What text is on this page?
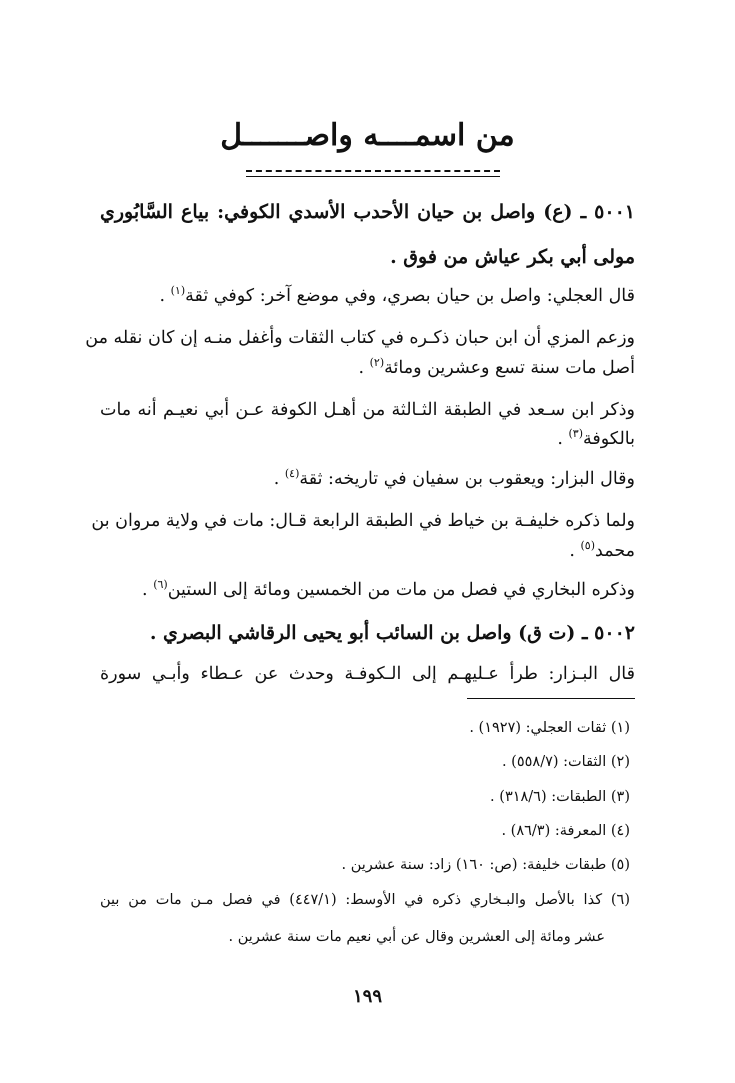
من اسمــــه واصـــــــل
٥٠٠١ ـ (ع) واصل بن حيان الأحدب الأسدي الكوفي: بياع السَّابُوري
مولى أبي بكر عياش من فوق .
قال العجلي: واصل بن حيان بصري، وفي موضع آخر: كوفي ثقة$^{(١)}$ .
وزعم المزي أن ابن حبان ذكـره في كتاب الثقات وأغفل منـه إن كان نقله من
أصل مات سنة تسع وعشرين ومائة$^{(٢)}$ .
وذكر ابن سـعد في الطبقة الثـالثة من أهـل الكوفة عـن أبي نعيـم أنه مات
بالكوفة$^{(٣)}$ .
وقال البزار: ويعقوب بن سفيان في تاريخه: ثقة$^{(٤)}$ .
ولما ذكره خليفـة بن خياط في الطبقة الرابعة قـال: مات في ولاية مروان بن
محمد$^{(٥)}$ .
وذكره البخاري في فصل من مات من الخمسين ومائة إلى الستين$^{(٦)}$ .
٥٠٠٢ ـ (ت ق) واصل بن السائب أبو يحيى الرقاشي البصري .
قال البـزار: طرأ عـليهـم إلى الـكوفـة وحدث عن عـطاء وأبـي سورة
(١) ثقات العجلي: (١٩٢٧) .
(٢) الثقات: (٥٥٨/٧) .
(٣) الطبقات: (٣١٨/٦) .
(٤) المعرفة: (٨٦/٣) .
(٥) طبقات خليفة: (ص: ١٦٠) زاد: سنة عشرين .
(٦) كذا بالأصل والبـخاري ذكره في الأوسط: (٤٤٧/١) في فصل مـن مات من بين
عشر ومائة إلى العشرين وقال عن أبي نعيم مات سنة عشرين .
١٩٩
